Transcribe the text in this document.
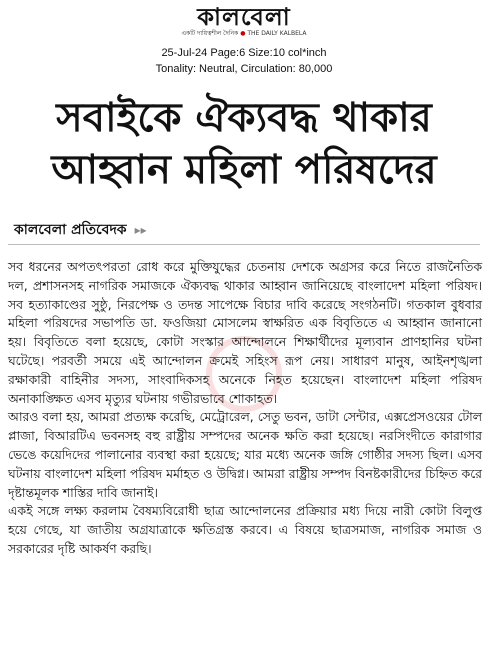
কালবেলা
একটি দায়িত্বশীল দৈনিক ● THE DAILY KALBELA
25-Jul-24 Page:6 Size:10 col*inch
Tonality: Neutral, Circulation: 80,000
সবাইকে ঐক্যবদ্ধ থাকার
আহ্বান মহিলা পরিষদের
কালবেলা প্রতিবেদক ▸▸

সব ধরনের অপতৎপরতা রোধ করে মুক্তিযুদ্ধের চেতনায় দেশকে অগ্রসর করে নিতে রাজনৈতিক দল, প্রশাসনসহ নাগরিক সমাজকে ঐক্যবদ্ধ থাকার আহ্বান জানিয়েছে বাংলাদেশ মহিলা পরিষদ। সব হত্যাকাণ্ডের সুষ্ঠু, নিরপেক্ষ ও তদন্ত সাপেক্ষে বিচার দাবি করেছে সংগঠনটি। গতকাল বুধবার মহিলা পরিষদের সভাপতি ডা. ফওজিয়া মোসলেম স্বাক্ষরিত এক বিবৃতিতে এ আহ্বান জানানো হয়। বিবৃতিতে বলা হয়েছে, কোটা সংস্কার আন্দোলনে শিক্ষার্থীদের মূল্যবান প্রাণহানির ঘটনা ঘটেছে। পরবর্তী সময়ে এই আন্দোলন ক্রমেই সহিংস রূপ নেয়। সাধারণ মানুষ, আইনশৃঙ্খলা রক্ষাকারী বাহিনীর সদস্য, সাংবাদিকসহ অনেকে নিহত হয়েছেন। বাংলাদেশ মহিলা পরিষদ অনাকাঙ্ক্ষিত এসব মৃত্যুর ঘটনায় গভীরভাবে শোকাহত।

আরও বলা হয়, আমরা প্রত্যক্ষ করেছি, মেট্রোরেল, সেতু ভবন, ডাটা সেন্টার, এক্সপ্রেসওয়ের টোল প্লাজা, বিআরটিএ ভবনসহ বহু রাষ্ট্রীয় সম্পদের অনেক ক্ষতি করা হয়েছে। নরসিংদীতে কারাগার ভেঙে কয়েদিদের পালানোর ব্যবস্থা করা হয়েছে; যার মধ্যে অনেক জঙ্গি গোষ্ঠীর সদস্য ছিল। এসব ঘটনায় বাংলাদেশ মহিলা পরিষদ মর্মাহত ও উদ্বিগ্ন। আমরা রাষ্ট্রীয় সম্পদ বিনষ্টকারীদের চিহ্নিত করে দৃষ্টান্তমূলক শাস্তির দাবি জানাই।

একই সঙ্গে লক্ষ্য করলাম বৈষম্যবিরোধী ছাত্র আন্দোলনের প্রক্রিয়ার মধ্য দিয়ে নারী কোটা বিলুপ্ত হয়ে গেছে, যা জাতীয় অগ্রযাত্রাকে ক্ষতিগ্রস্ত করবে। এ বিষয়ে ছাত্রসমাজ, নাগরিক সমাজ ও সরকারের দৃষ্টি আকর্ষণ করছি।
